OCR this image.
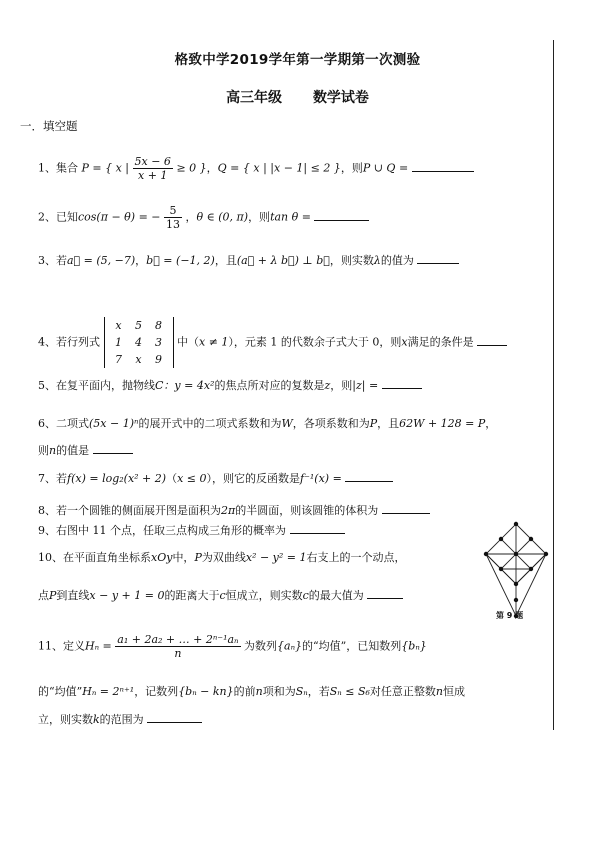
格致中学2019学年第一学期第一次测验
高三年级 数学试卷
一．填空题
1、集合 P = { x | $\frac{5x - 6}{x + 1} \ge 0$ }，Q = { x | |x − 1| ≤ 2 }，则P ∪ Q =
2、已知cos(π − θ) = − $\frac{5}{13}$ ，θ ∈ (0, π)，则tan θ =
3、若a⃗ = (5, −7)，b⃗ = (−1, 2)，且(a⃗ + λ b⃗) ⊥ b⃗，则实数λ的值为
4、若行列式 x 5 8
1 4 3
7 x 9 中（x ≠ 1），元素 1 的代数余子式大于 0，则x满足的条件是
5、在复平面内，抛物线C：y = 4x²的焦点所对应的复数是z，则|z| =
6、二项式(5x − 1)ⁿ的展开式中的二项式系数和为W，各项系数和为P，且62W + 128 = P，
则n的值是
7、若f(x) = log₂(x² + 2)（x ≤ 0），则它的反函数是f⁻¹(x) =
8、若一个圆锥的侧面展开图是面积为2π的半圆面，则该圆锥的体积为
9、右图中 11 个点，任取三点构成三角形的概率为
10、在平面直角坐标系xOy中，P为双曲线x² − y² = 1右支上的一个动点，
点P到直线x − y + 1 = 0的距离大于c恒成立，则实数c的最大值为
第 9 题
11、定义$H_n = \frac{\text{a₁ + 2a₂ + … + 2ⁿ⁻¹aₙ}}{n}$ 为数列{aₙ}的“均值”，已知数列{bₙ}
的“均值”Hₙ = 2ⁿ⁺¹，记数列{bₙ − kn}的前n项和为Sₙ，若Sₙ ≤ S₆对任意正整数n恒成
立，则实数k的范围为
